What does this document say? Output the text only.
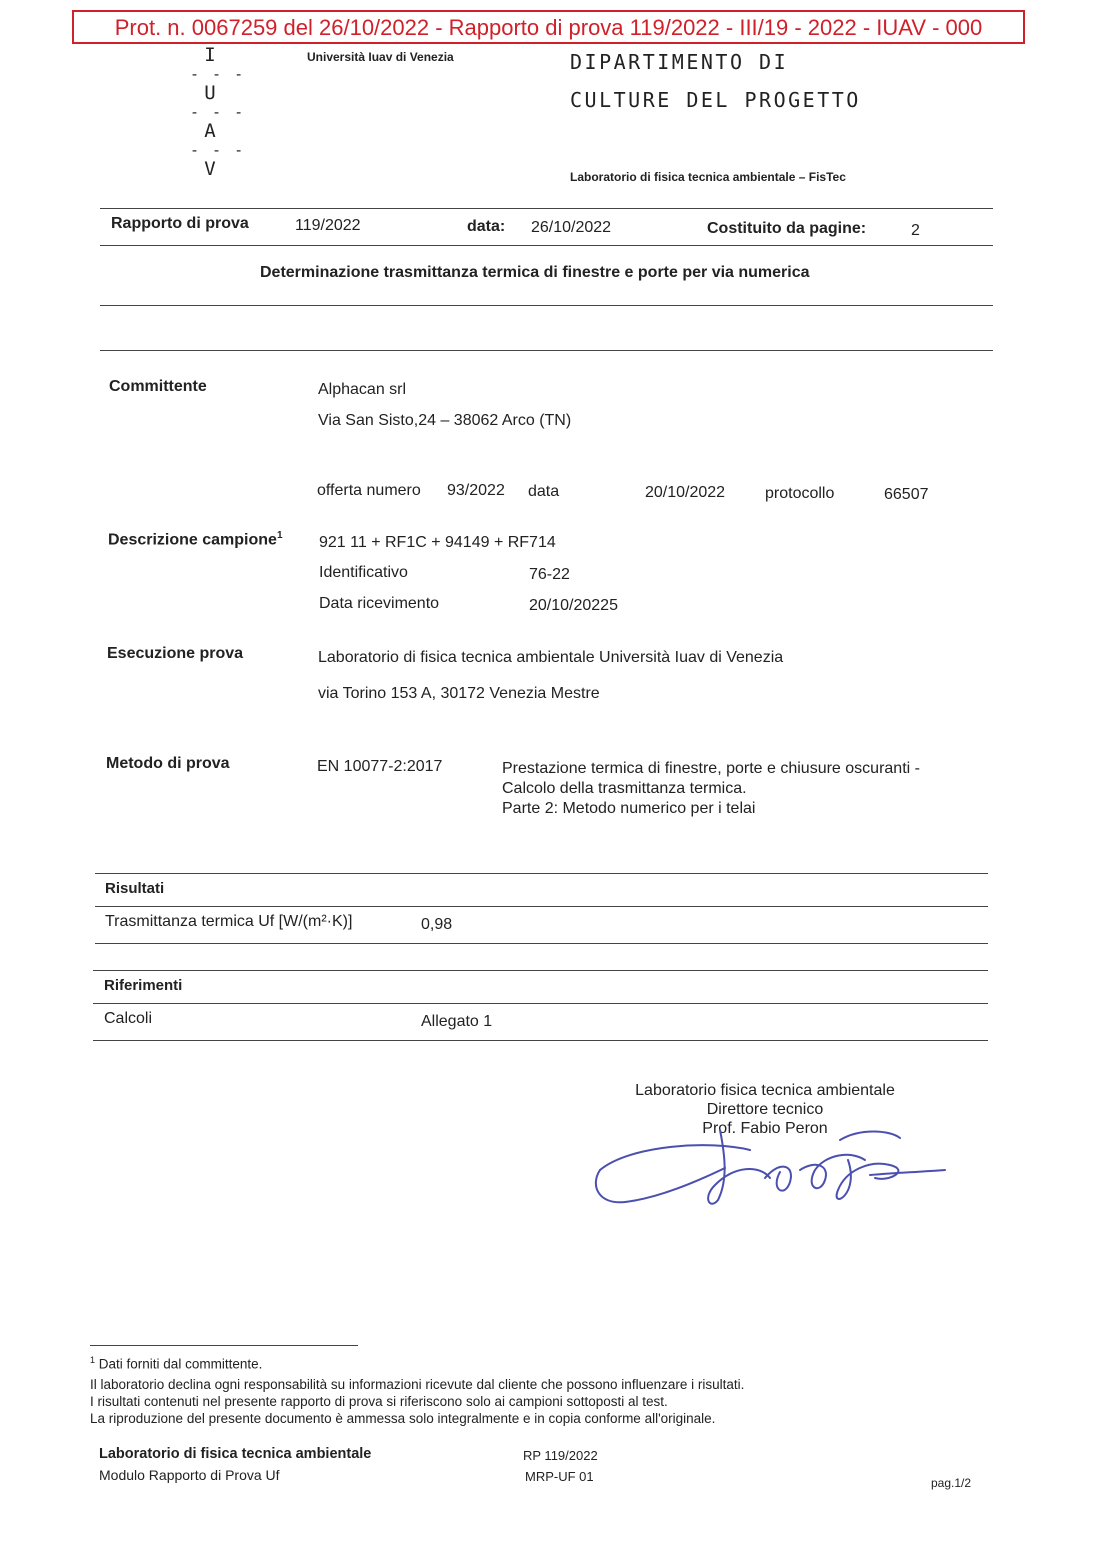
Prot. n. 0067259 del 26/10/2022 - Rapporto di prova 119/2022 - III/19 - 2022 - IUAV - 000
I
‑ ‑ ‑
U
‑ ‑ ‑
A
‑ ‑ ‑
V
Università Iuav di Venezia	DIPARTIMENTO DI
CULTURE DEL PROGETTO
Laboratorio di fisica tecnica ambientale – FisTec
Rapporto di prova	119/2022	data: 26/10/2022	Costituito da pagine:	2
Determinazione trasmittanza termica di finestre e porte per via numerica
Committente	Alphacan srl
Via San Sisto,24 – 38062 Arco (TN)
offerta numero 93/2022 data	20/10/2022 protocollo	66507
Descrizione campione$^1$ 921 11 + RF1C + 94149 + RF714
Identificativo	76-22
Data ricevimento	20/10/20225
Esecuzione prova	Laboratorio di fisica tecnica ambientale Università Iuav di Venezia
via Torino 153 A, 30172 Venezia Mestre
Metodo di prova	EN 10077-2:2017	Prestazione termica di finestre, porte e chiusure oscuranti -
Calcolo della trasmittanza termica.
Parte 2: Metodo numerico per i telai
Risultati
Trasmittanza termica Uf [W/(m²·K)]	0,98
Riferimenti
Calcoli	Allegato 1
Laboratorio fisica tecnica ambientale
Direttore tecnico
Prof. Fabio Peron
$^1$ Dati forniti dal committente.
Il laboratorio declina ogni responsabilità su informazioni ricevute dal cliente che possono influenzare i risultati.
I risultati contenuti nel presente rapporto di prova si riferiscono solo ai campioni sottoposti al test.
La riproduzione del presente documento è ammessa solo integralmente e in copia conforme all'originale.
Laboratorio di fisica tecnica ambientale
Modulo Rapporto di Prova Uf
RP 119/2022
MRP-UF 01	pag.1/2
